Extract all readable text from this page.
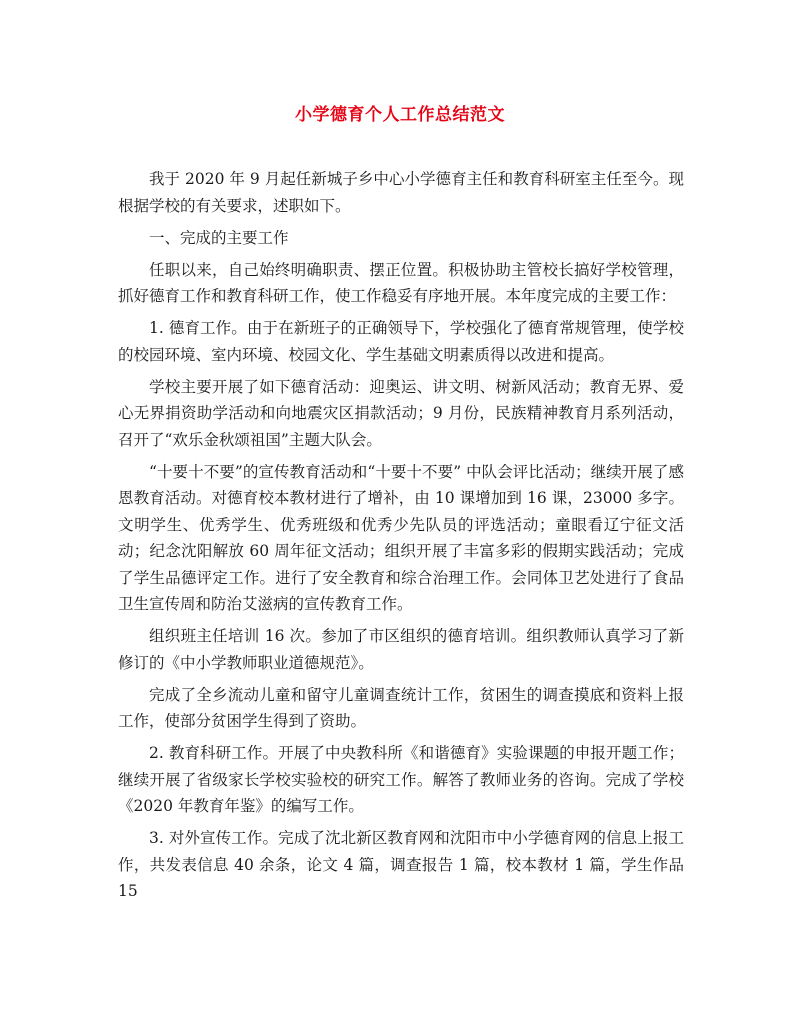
小学德育个人工作总结范文

我于 2020 年 9 月起任新城子乡中心小学德育主任和教育科研室主任至今。现根据学校的有关要求，述职如下。

一、完成的主要工作

任职以来，自己始终明确职责、摆正位置。积极协助主管校长搞好学校管理，抓好德育工作和教育科研工作，使工作稳妥有序地开展。本年度完成的主要工作：

1. 德育工作。由于在新班子的正确领导下，学校强化了德育常规管理，使学校的校园环境、室内环境、校园文化、学生基础文明素质得以改进和提高。

学校主要开展了如下德育活动：迎奥运、讲文明、树新风活动；教育无界、爱心无界捐资助学活动和向地震灾区捐款活动；9 月份，民族精神教育月系列活动，召开了“欢乐金秋颂祖国”主题大队会。

“十要十不要”的宣传教育活动和“十要十不要” 中队会评比活动；继续开展了感恩教育活动。对德育校本教材进行了增补，由 10 课增加到 16 课，23000 多字。文明学生、优秀学生、优秀班级和优秀少先队员的评选活动；童眼看辽宁征文活动；纪念沈阳解放 60 周年征文活动；组织开展了丰富多彩的假期实践活动；完成了学生品德评定工作。进行了安全教育和综合治理工作。会同体卫艺处进行了食品卫生宣传周和防治艾滋病的宣传教育工作。

组织班主任培训 16 次。参加了市区组织的德育培训。组织教师认真学习了新修订的《中小学教师职业道德规范》。

完成了全乡流动儿童和留守儿童调查统计工作，贫困生的调查摸底和资料上报工作，使部分贫困学生得到了资助。

2. 教育科研工作。开展了中央教科所《和谐德育》实验课题的申报开题工作；继续开展了省级家长学校实验校的研究工作。解答了教师业务的咨询。完成了学校《2020 年教育年鉴》的编写工作。

3. 对外宣传工作。完成了沈北新区教育网和沈阳市中小学德育网的信息上报工作，共发表信息 40 余条，论文 4 篇，调查报告 1 篇，校本教材 1 篇，学生作品 15
